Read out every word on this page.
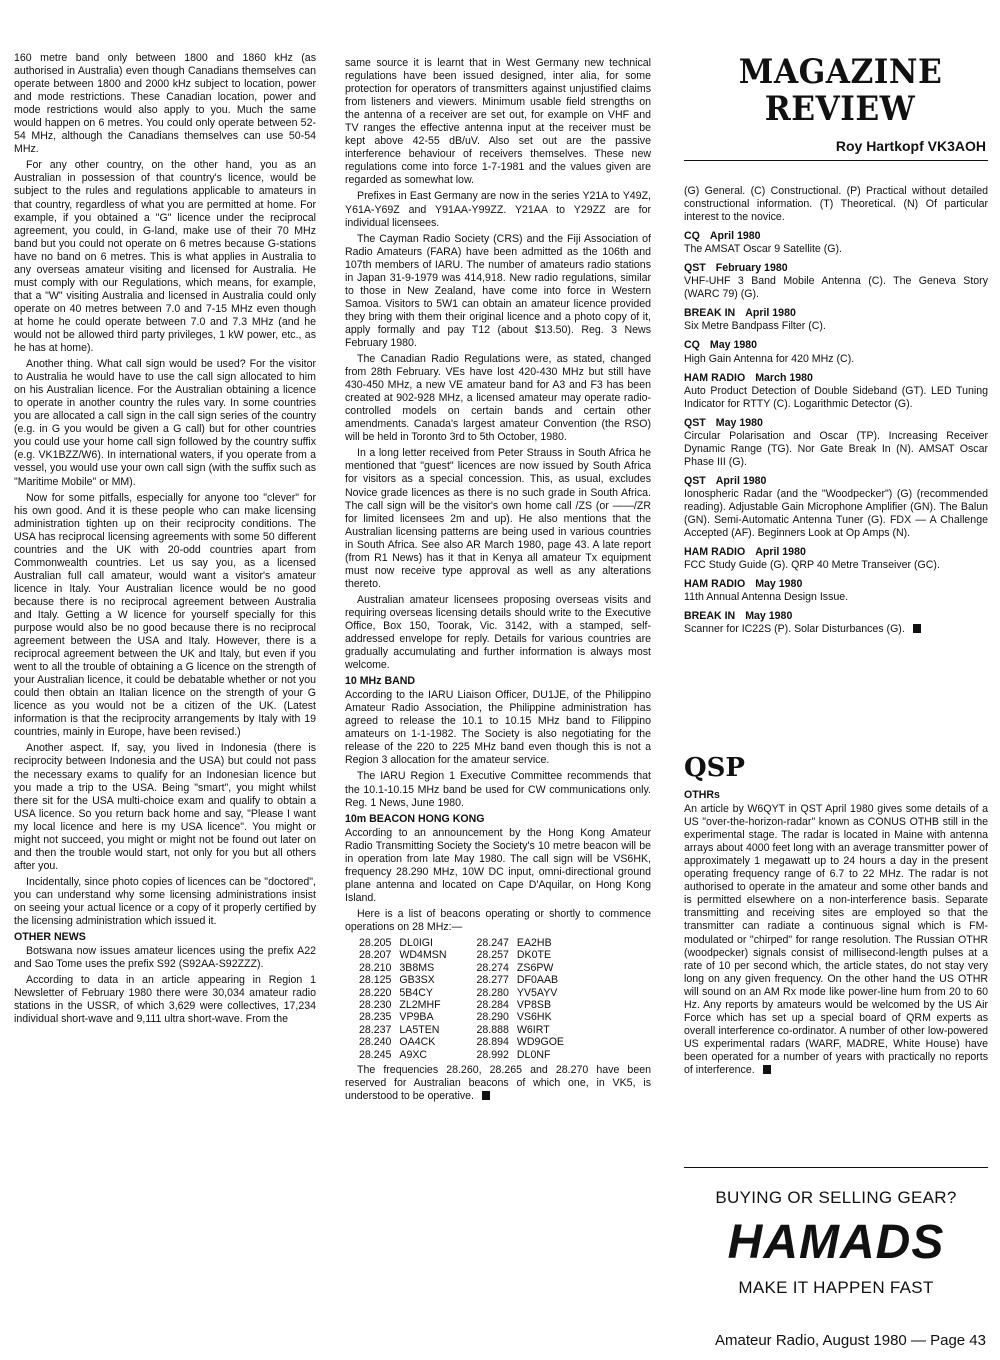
160 metre band only between 1800 and 1860 kHz (as authorised in Australia) even though Canadians themselves can operate between 1800 and 2000 kHz subject to location, power and mode restrictions. These Canadian location, power and mode restrictions would also apply to you. Much the same would happen on 6 metres. You could only operate between 52-54 MHz, although the Canadians themselves can use 50-54 MHz.

For any other country, on the other hand, you as an Australian in possession of that country's licence, would be subject to the rules and regulations applicable to amateurs in that country, regardless of what you are permitted at home. For example, if you obtained a "G" licence under the reciprocal agreement, you could, in G-land, make use of their 70 MHz band but you could not operate on 6 metres because G-stations have no band on 6 metres. This is what applies in Australia to any overseas amateur visiting and licensed for Australia. He must comply with our Regulations, which means, for example, that a "W" visiting Australia and licensed in Australia could only operate on 40 metres between 7.0 and 7-15 MHz even though at home he could operate between 7.0 and 7.3 MHz (and he would not be allowed third party privileges, 1 kW power, etc., as he has at home).

Another thing. What call sign would be used? For the visitor to Australia he would have to use the call sign allocated to him on his Australian licence. For the Australian obtaining a licence to operate in another country the rules vary. In some countries you are allocated a call sign in the call sign series of the country (e.g. in G you would be given a G call) but for other countries you could use your home call sign followed by the country suffix (e.g. VK1BZZ/W6). In international waters, if you operate from a vessel, you would use your own call sign (with the suffix such as "Maritime Mobile" or MM).

Now for some pitfalls, especially for anyone too "clever" for his own good. And it is these people who can make licensing administration tighten up on their reciprocity conditions. The USA has reciprocal licensing agreements with some 50 different countries and the UK with 20-odd countries apart from Commonwealth countries. Let us say you, as a licensed Australian full call amateur, would want a visitor's amateur licence in Italy. Your Australian licence would be no good because there is no reciprocal agreement between Australia and Italy. Getting a W licence for yourself specially for this purpose would also be no good because there is no reciprocal agreement between the USA and Italy. However, there is a reciprocal agreement between the UK and Italy, but even if you went to all the trouble of obtaining a G licence on the strength of your Australian licence, it could be debatable whether or not you could then obtain an Italian licence on the strength of your G licence as you would not be a citizen of the UK. (Latest information is that the reciprocity arrangements by Italy with 19 countries, mainly in Europe, have been revised.)

Another aspect. If, say, you lived in Indonesia (there is reciprocity between Indonesia and the USA) but could not pass the necessary exams to qualify for an Indonesian licence but you made a trip to the USA. Being "smart", you might whilst there sit for the USA multi-choice exam and qualify to obtain a USA licence. So you return back home and say, "Please I want my local licence and here is my USA licence". You might or might not succeed, you might or might not be found out later on and then the trouble would start, not only for you but all others after you.

Incidentally, since photo copies of licences can be "doctored", you can understand why some licensing administrations insist on seeing your actual licence or a copy of it properly certified by the licensing administration which issued it.

OTHER NEWS

Botswana now issues amateur licences using the prefix A22 and Sao Tome uses the prefix S92 (S92AA-S92ZZZ).

According to data in an article appearing in Region 1 Newsletter of February 1980 there were 30,034 amateur radio stations in the USSR, of which 3,629 were collectives, 17,234 individual short-wave and 9,111 ultra short-wave. From the

same source it is learnt that in West Germany new technical regulations have been issued designed, inter alia, for some protection for operators of transmitters against unjustified claims from listeners and viewers. Minimum usable field strengths on the antenna of a receiver are set out, for example on VHF and TV ranges the effective antenna input at the receiver must be kept above 42-55 dB/uV. Also set out are the passive interference behaviour of receivers themselves. These new regulations come into force 1-7-1981 and the values given are regarded as somewhat low.

Prefixes in East Germany are now in the series Y21A to Y49Z, Y61A-Y69Z and Y91AA-Y99ZZ. Y21AA to Y29ZZ are for individual licensees.

The Cayman Radio Society (CRS) and the Fiji Association of Radio Amateurs (FARA) have been admitted as the 106th and 107th members of IARU. The number of amateurs radio stations in Japan 31-9-1979 was 414,918. New radio regulations, similar to those in New Zealand, have come into force in Western Samoa. Visitors to 5W1 can obtain an amateur licence provided they bring with them their original licence and a photo copy of it, apply formally and pay T12 (about $13.50). Reg. 3 News February 1980.

The Canadian Radio Regulations were, as stated, changed from 28th February. VEs have lost 420-430 MHz but still have 430-450 MHz, a new VE amateur band for A3 and F3 has been created at 902-928 MHz, a licensed amateur may operate radio-controlled models on certain bands and certain other amendments. Canada's largest amateur Convention (the RSO) will be held in Toronto 3rd to 5th October, 1980.

In a long letter received from Peter Strauss in South Africa he mentioned that "guest" licences are now issued by South Africa for visitors as a special concession. This, as usual, excludes Novice grade licences as there is no such grade in South Africa. The call sign will be the visitor's own home call /ZS (or ——/ZR for limited licensees 2m and up). He also mentions that the Australian licensing patterns are being used in various countries in South Africa. See also AR March 1980, page 43. A late report (from R1 News) has it that in Kenya all amateur Tx equipment must now receive type approval as well as any alterations thereto.

Australian amateur licensees proposing overseas visits and requiring overseas licensing details should write to the Executive Office, Box 150, Toorak, Vic. 3142, with a stamped, self-addressed envelope for reply. Details for various countries are gradually accumulating and further information is always most welcome.

10 MHz BAND

According to the IARU Liaison Officer, DU1JE, of the Philippino Amateur Radio Association, the Philippine administration has agreed to release the 10.1 to 10.15 MHz band to Filippino amateurs on 1-1-1982. The Society is also negotiating for the release of the 220 to 225 MHz band even though this is not a Region 3 allocation for the amateur service.

The IARU Region 1 Executive Committee recommends that the 10.1-10.15 MHz band be used for CW communications only. Reg. 1 News, June 1980.

10m BEACON HONG KONG

According to an announcement by the Hong Kong Amateur Radio Transmitting Society the Society's 10 metre beacon will be in operation from late May 1980. The call sign will be VS6HK, frequency 28.290 MHz, 10W DC input, omni-directional ground plane antenna and located on Cape D'Aquilar, on Hong Kong Island.

Here is a list of beacons operating or shortly to commence operations on 28 MHz:—

28.205	DL0IGI	28.247	EA2HB
28.207	WD4MSN	28.257	DK0TE
28.210	3B8MS	28.274	ZS6PW
28.125	GB3SX	28.277	DF0AAB
28.220	5B4CY	28.280	YV5AYV
28.230	ZL2MHF	28.284	VP8SB
28.235	VP9BA	28.290	VS6HK
28.237	LA5TEN	28.888	W6IRT
28.240	OA4CK	28.894	WD9GOE
28.245	A9XC	28.992	DL0NF

The frequencies 28.260, 28.265 and 28.270 have been reserved for Australian beacons of which one, in VK5, is understood to be operative.

MAGAZINE
REVIEW
Roy Hartkopf VK3AOH

(G) General. (C) Constructional. (P) Practical without detailed constructional information. (T) Theoretical. (N) Of particular interest to the novice.

CQ April 1980

The AMSAT Oscar 9 Satellite (G).

QST February 1980

VHF-UHF 3 Band Mobile Antenna (C). The Geneva Story (WARC 79) (G).

BREAK IN April 1980

Six Metre Bandpass Filter (C).

CQ May 1980

High Gain Antenna for 420 MHz (C).

HAM RADIO March 1980

Auto Product Detection of Double Sideband (GT). LED Tuning Indicator for RTTY (C). Logarithmic Detector (G).

QST May 1980

Circular Polarisation and Oscar (TP). Increasing Receiver Dynamic Range (TG). Nor Gate Break In (N). AMSAT Oscar Phase III (G).

QST April 1980

Ionospheric Radar (and the "Woodpecker") (G) (recommended reading). Adjustable Gain Microphone Amplifier (GN). The Balun (GN). Semi-Automatic Antenna Tuner (G). FDX — A Challenge Accepted (AF). Beginners Look at Op Amps (N).

HAM RADIO April 1980

FCC Study Guide (G). QRP 40 Metre Transeiver (GC).

HAM RADIO May 1980

11th Annual Antenna Design Issue.

BREAK IN May 1980

Scanner for IC22S (P). Solar Disturbances (G).

QSP
OTHRs

An article by W6QYT in QST April 1980 gives some details of a US "over-the-horizon-radar" known as CONUS OTHB still in the experimental stage. The radar is located in Maine with antenna arrays about 4000 feet long with an average transmitter power of approximately 1 megawatt up to 24 hours a day in the present operating frequency range of 6.7 to 22 MHz. The radar is not authorised to operate in the amateur and some other bands and is permitted elsewhere on a non-interference basis. Separate transmitting and receiving sites are employed so that the transmitter can radiate a continuous signal which is FM-modulated or "chirped" for range resolution. The Russian OTHR (woodpecker) signals consist of millisecond-length pulses at a rate of 10 per second which, the article states, do not stay very long on any given frequency. On the other hand the US OTHR will sound on an AM Rx mode like power-line hum from 20 to 60 Hz. Any reports by amateurs would be welcomed by the US Air Force which has set up a special board of QRM experts as overall interference co-ordinator. A number of other low-powered US experimental radars (WARF, MADRE, White House) have been operated for a number of years with practically no reports of interference.

BUYING OR SELLING GEAR?
HAMADS
MAKE IT HAPPEN FAST
Amateur Radio, August 1980 — Page 43
